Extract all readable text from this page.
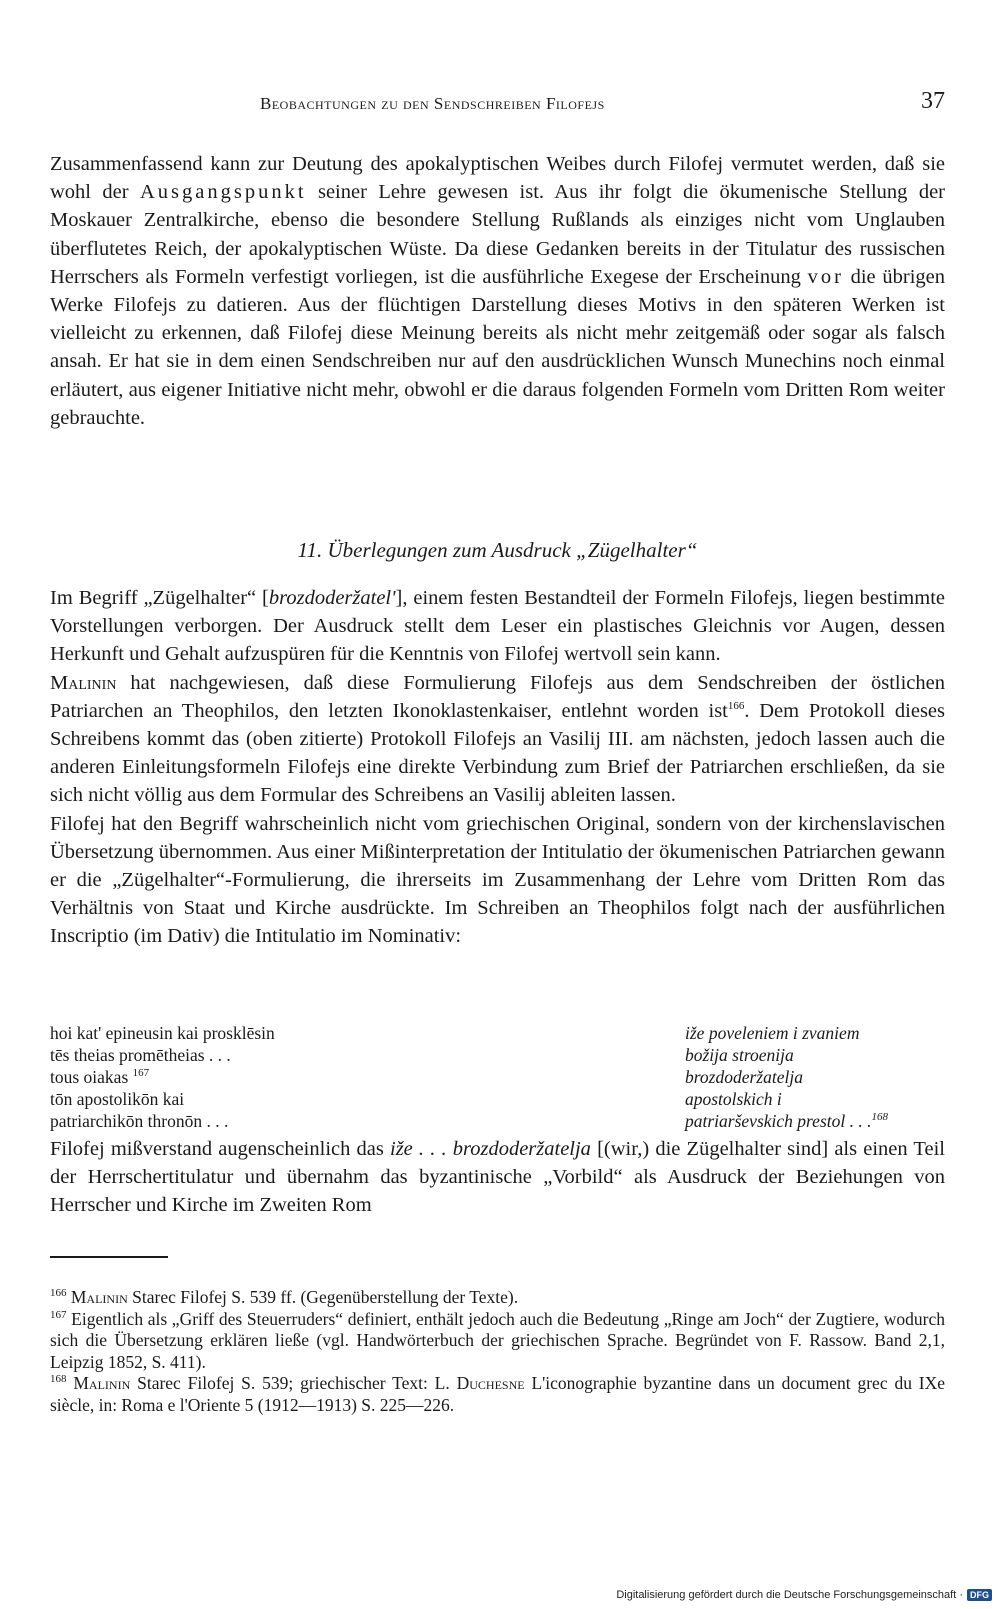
Beobachtungen zu den Sendschreiben Filofejs	37

Zusammenfassend kann zur Deutung des apokalyptischen Weibes durch Filofej vermutet werden, daß sie wohl der Ausgangspunkt seiner Lehre gewesen ist. Aus ihr folgt die ökumenische Stellung der Moskauer Zentralkirche, ebenso die besondere Stellung Rußlands als einziges nicht vom Unglauben überflutetes Reich, der apokalyptischen Wüste. Da diese Gedanken bereits in der Titulatur des russischen Herrschers als Formeln verfestigt vorliegen, ist die ausführliche Exegese der Erscheinung vor die übrigen Werke Filofejs zu datieren. Aus der flüchtigen Darstellung dieses Motivs in den späteren Werken ist vielleicht zu erkennen, daß Filofej diese Meinung bereits als nicht mehr zeitgemäß oder sogar als falsch ansah. Er hat sie in dem einen Sendschreiben nur auf den ausdrücklichen Wunsch Munechins noch einmal erläutert, aus eigener Initiative nicht mehr, obwohl er die daraus folgenden Formeln vom Dritten Rom weiter gebrauchte.

11. Überlegungen zum Ausdruck „Zügelhalter“

Im Begriff „Zügelhalter“ [brozdoderžatel'], einem festen Bestandteil der Formeln Filofejs, liegen bestimmte Vorstellungen verborgen. Der Ausdruck stellt dem Leser ein plastisches Gleichnis vor Augen, dessen Herkunft und Gehalt aufzuspüren für die Kenntnis von Filofej wertvoll sein kann.

Malinin hat nachgewiesen, daß diese Formulierung Filofejs aus dem Sendschreiben der östlichen Patriarchen an Theophilos, den letzten Ikonoklastenkaiser, entlehnt worden ist$^{166}$. Dem Protokoll dieses Schreibens kommt das (oben zitierte) Protokoll Filofejs an Vasilij III. am nächsten, jedoch lassen auch die anderen Einleitungsformeln Filofejs eine direkte Verbindung zum Brief der Patriarchen erschließen, da sie sich nicht völlig aus dem Formular des Schreibens an Vasilij ableiten lassen.

Filofej hat den Begriff wahrscheinlich nicht vom griechischen Original, sondern von der kirchenslavischen Übersetzung übernommen. Aus einer Mißinterpretation der Intitulatio der ökumenischen Patriarchen gewann er die „Zügelhalter“-Formulierung, die ihrerseits im Zusammenhang der Lehre vom Dritten Rom das Verhältnis von Staat und Kirche ausdrückte. Im Schreiben an Theophilos folgt nach der ausführlichen Inscriptio (im Dativ) die Intitulatio im Nominativ:

hoi kat' epineusin kai prosklēsin	iže poveleniem i zvaniem
tēs theias promētheias . . .	božija stroenija
tous oiakas $^{167}$	brozdoderžatelja
tōn apostolikōn kai	apostolskich i
patriarchikōn thronōn . . .	patriarševskich prestol . . .$^{168}$

Filofej mißverstand augenscheinlich das iže . . . brozdoderžatelja [(wir,) die Zügelhalter sind] als einen Teil der Herrschertitulatur und übernahm das byzantinische „Vorbild“ als Ausdruck der Beziehungen von Herrscher und Kirche im Zweiten Rom

$^{166}$ Malinin Starec Filofej S. 539 ff. (Gegenüberstellung der Texte).

$^{167}$ Eigentlich als „Griff des Steuerruders“ definiert, enthält jedoch auch die Bedeutung „Ringe am Joch“ der Zugtiere, wodurch sich die Übersetzung erklären ließe (vgl. Handwörterbuch der griechischen Sprache. Begründet von F. Rassow. Band 2,1, Leipzig 1852, S. 411).

$^{168}$ Malinin Starec Filofej S. 539; griechischer Text: L. Duchesne L'iconographie byzantine dans un document grec du IXe siècle, in: Roma e l'Oriente 5 (1912—1913) S. 225—226.

Digitalisierung gefördert durch die Deutsche Forschungsgemeinschaft · DFG
